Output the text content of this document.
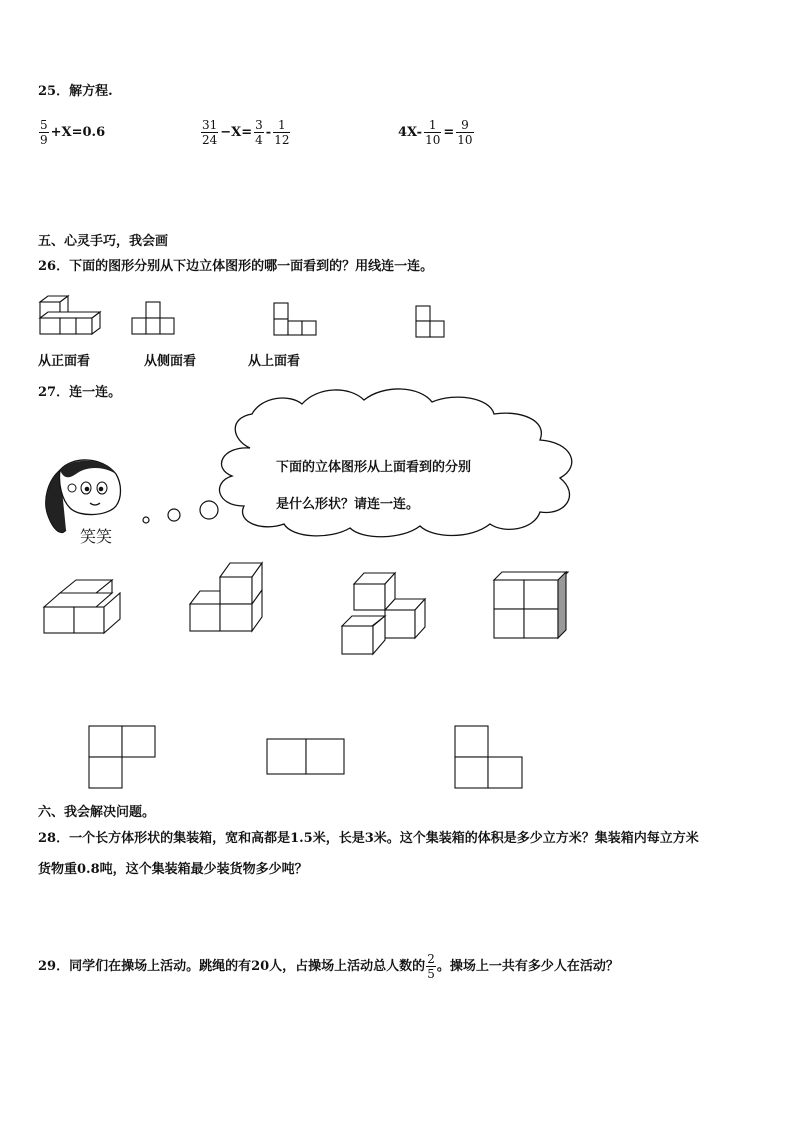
25．解方程.
$\frac{5}{9} +X=0.6$	$\frac{31}{24} -X= \frac{3}{4} - \frac{1}{12}$	$4X- \frac{1}{10} = \frac{9}{10}$
五、心灵手巧，我会画
26．下面的图形分别从下边立体图形的哪一面看到的？用线连一连。
从正面看	从侧面看	从上面看
27．连一连。
下面的立体图形从上面看到的分别
是什么形状？请连一连。
笑笑
六、我会解决问题。
28．一个长方体形状的集装箱，宽和高都是1.5米，长是3米。这个集装箱的体积是多少立方米？集装箱内每立方米
货物重0.8吨，这个集装箱最少装货物多少吨？
29．同学们在操场上活动。跳绳的有20人，占操场上活动总人数的 $\frac{2}{5}$ 。操场上一共有多少人在活动？
